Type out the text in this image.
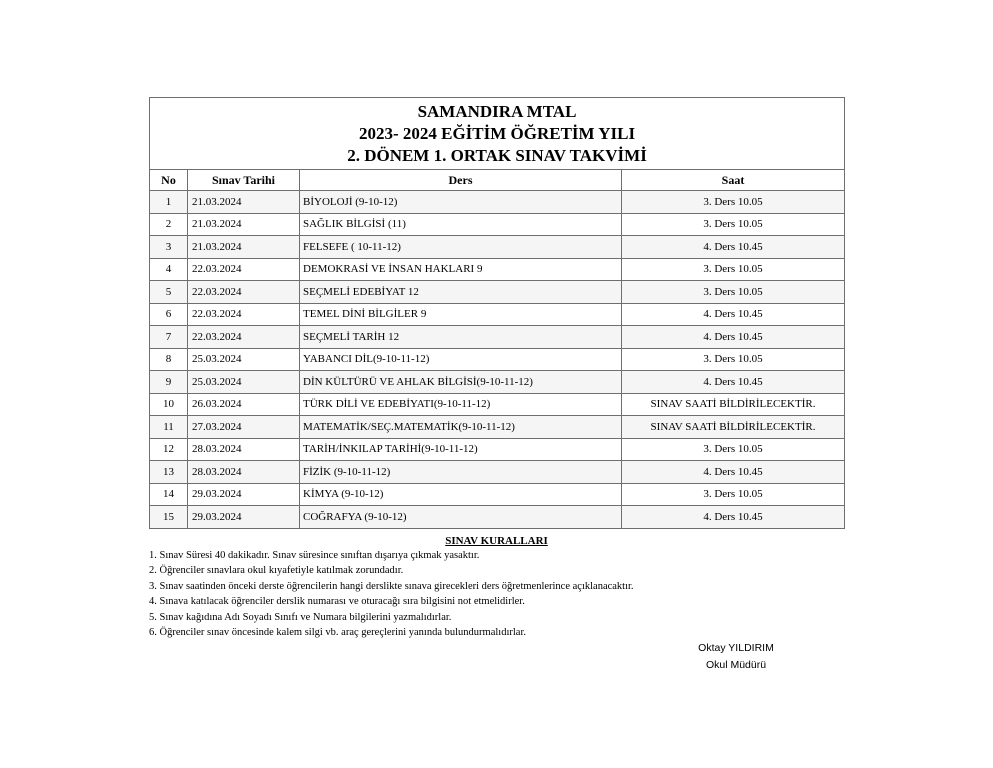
SAMANDIRA MTAL
2023- 2024 EĞİTİM ÖĞRETİM YILI
2. DÖNEM 1. ORTAK SINAV TAKVİMİ			

No	Sınav Tarihi	Ders	Saat
1	21.03.2024	BİYOLOJİ (9-10-12)	3. Ders 10.05
2	21.03.2024	SAĞLIK BİLGİSİ (11)	3. Ders 10.05
3	21.03.2024	FELSEFE ( 10-11-12)	4. Ders 10.45
4	22.03.2024	DEMOKRASİ VE İNSAN HAKLARI 9	3. Ders 10.05
5	22.03.2024	SEÇMELİ EDEBİYAT 12	3. Ders 10.05
6	22.03.2024	TEMEL DİNİ BİLGİLER 9	4. Ders 10.45
7	22.03.2024	SEÇMELİ TARİH 12	4. Ders 10.45
8	25.03.2024	YABANCI DİL(9-10-11-12)	3. Ders 10.05
9	25.03.2024	DİN KÜLTÜRÜ VE AHLAK BİLGİSİ(9-10-11-12)	4. Ders 10.45
10	26.03.2024	TÜRK DİLİ VE EDEBİYATI(9-10-11-12)	SINAV SAATİ BİLDİRİLECEKTİR.
11	27.03.2024	MATEMATİK/SEÇ.MATEMATİK(9-10-11-12)	SINAV SAATİ BİLDİRİLECEKTİR.
12	28.03.2024	TARİH/İNKILAP TARİHİ(9-10-11-12)	3. Ders 10.05
13	28.03.2024	FİZİK (9-10-11-12)	4. Ders 10.45
14	29.03.2024	KİMYA (9-10-12)	3. Ders 10.05
15	29.03.2024	COĞRAFYA (9-10-12)	4. Ders 10.45
SINAV KURALLARI
1. Sınav Süresi 40 dakikadır. Sınav süresince sınıftan dışarıya çıkmak yasaktır.
2. Öğrenciler sınavlara okul kıyafetiyle katılmak zorundadır.
3. Sınav saatinden önceki derste öğrencilerin hangi derslikte sınava girecekleri ders öğretmenlerince açıklanacaktır.
4. Sınava katılacak öğrenciler derslik numarası ve oturacağı sıra bilgisini not etmelidirler.
5. Sınav kağıdına Adı Soyadı Sınıfı ve Numara bilgilerini yazmalıdırlar.
6. Öğrenciler sınav öncesinde kalem silgi vb. araç gereçlerini yanında bulundurmalıdırlar.
Oktay YILDIRIM
Okul Müdürü
